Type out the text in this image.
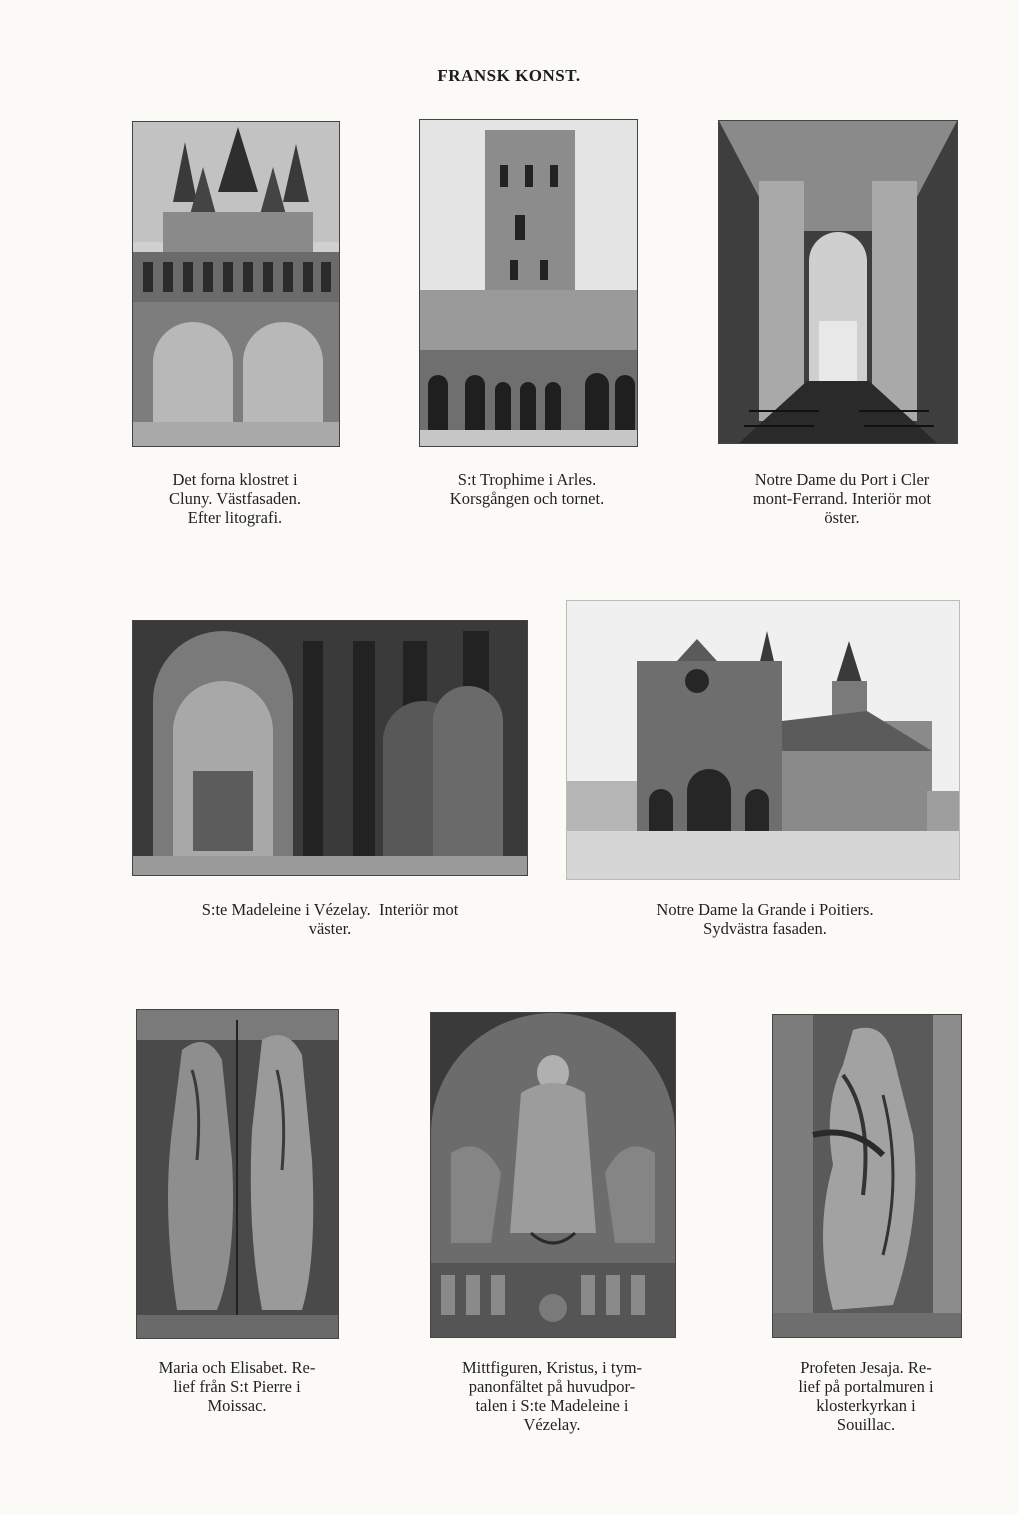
FRANSK KONST.
Det forna klostret i
Cluny. Västfasaden.
Efter litografi.
S:t Trophime i Arles.
Korsgången och tornet.
Notre Dame du Port i Cler
mont-Ferrand. Interiör mot
öster.
S:te Madeleine i Vézelay.  Interiör mot
väster.
Notre Dame la Grande i Poitiers.
Sydvästra fasaden.
Maria och Elisabet. Re-
lief från S:t Pierre i
Moissac.
Mittfiguren, Kristus, i tym-
panonfältet på huvudpor-
talen i S:te Madeleine i
Vézelay.
Profeten Jesaja. Re-
lief på portalmuren i
klosterkyrkan i
Souillac.
